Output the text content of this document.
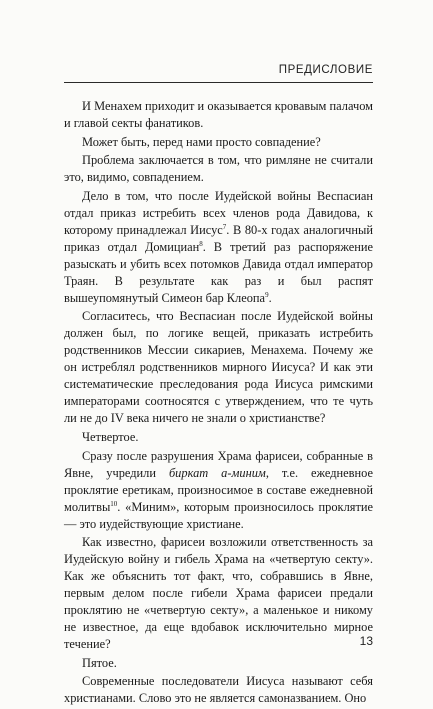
ПРЕДИСЛОВИЕ

И Менахем приходит и оказывается кровавым палачом и главой секты фанатиков.

Может быть, перед нами просто совпадение?

Проблема заключается в том, что римляне не считали это, видимо, совпадением.

Дело в том, что после Иудейской войны Веспасиан отдал приказ истребить всех членов рода Давидова, к которому принадлежал Иисус$^7$. В 80-х годах аналогичный приказ отдал Домициан$^8$. В третий раз распоряжение разыскать и убить всех потомков Давида отдал император Траян. В результате как раз и был распят вышеупомянутый Симеон бар Клеопа$^9$.

Согласитесь, что Веспасиан после Иудейской войны должен был, по логике вещей, приказать истребить родственников Мессии сикариев, Менахема. Почему же он истреблял родственников мирного Иисуса? И как эти систематические преследования рода Иисуса римскими императорами соотносятся с утверждением, что те чуть ли не до IV века ничего не знали о христианстве?

Четвертое.

Сразу после разрушения Храма фарисеи, собранные в Явне, учредили биркат а-миним, т.е. ежедневное проклятие еретикам, произносимое в составе ежедневной молитвы$^{10}$. «Миним», которым произносилось проклятие — это иудействующие христиане.

Как известно, фарисеи возложили ответственность за Иудейскую войну и гибель Храма на «четвертую секту». Как же объяснить тот факт, что, собравшись в Явне, первым делом после гибели Храма фарисеи предали проклятию не «четвертую секту», а маленькое и никому не известное, да еще вдобавок исключительно мирное течение?

Пятое.

Современные последователи Иисуса называют себя христианами. Слово это не является самоназванием. Оно

13
